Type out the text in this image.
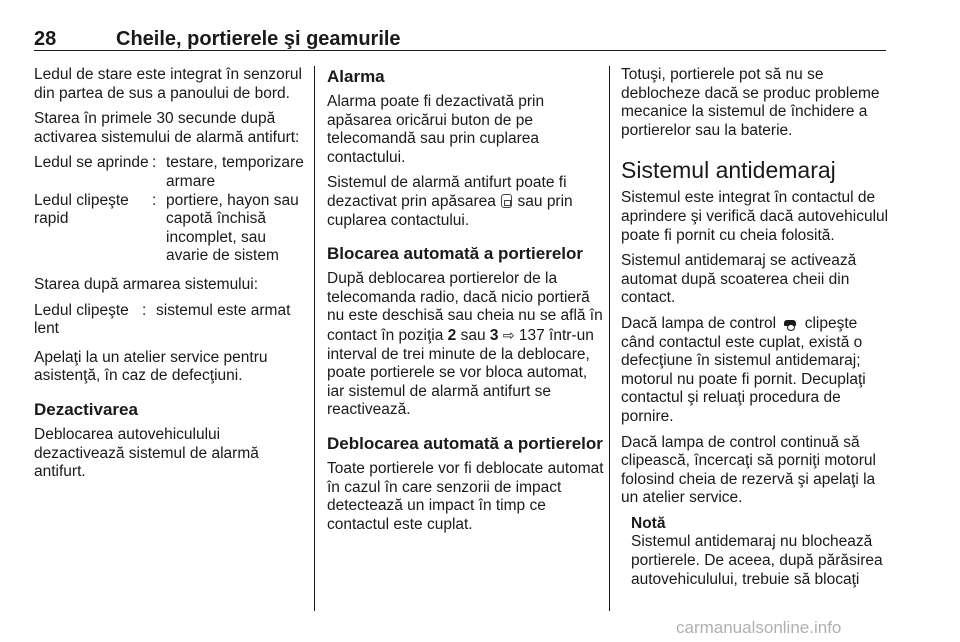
28	Cheile, portierele şi geamurile

Ledul de stare este integrat în senzorul din partea de sus a panoului de bord.

Starea în primele 30 secunde după activarea sistemului de alarmă antifurt:

Ledul se aprinde : testare, temporizare armare
Ledul clipeşte rapid
: portiere, hayon sau capotă închisă incomplet, sau avarie de sistem

Starea după armarea sistemului:

Ledul clipeşte lent
: sistemul este armat

Apelaţi la un atelier service pentru asistenţă, în caz de defecţiuni.

Dezactivarea

Deblocarea autovehiculului dezactivează sistemul de alarmă antifurt.

Alarma

Alarma poate fi dezactivată prin apăsarea oricărui buton de pe telecomandă sau prin cuplarea contactului.

Sistemul de alarmă antifurt poate fi dezactivat prin apăsarea sau prin cuplarea contactului.

Blocarea automată a portierelor

După deblocarea portierelor de la telecomanda radio, dacă nicio portieră nu este deschisă sau cheia nu se află în contact în poziţia 2 sau 3 ⇨ 137 într-un interval de trei minute de la deblocare, poate portierele se vor bloca automat, iar sistemul de alarmă antifurt se reactivează.

Deblocarea automată a portierelor

Toate portierele vor fi deblocate automat în cazul în care senzorii de impact detectează un impact în timp ce contactul este cuplat.

Totuşi, portierele pot să nu se deblocheze dacă se produc probleme mecanice la sistemul de închidere a portierelor sau la baterie.

Sistemul antidemaraj

Sistemul este integrat în contactul de aprindere şi verifică dacă autovehiculul poate fi pornit cu cheia folosită.

Sistemul antidemaraj se activează automat după scoaterea cheii din contact.

Dacă lampa de control clipeşte când contactul este cuplat, există o defecţiune în sistemul antidemaraj; motorul nu poate fi pornit. Decuplaţi contactul şi reluaţi procedura de pornire.

Dacă lampa de control continuă să clipească, încercaţi să porniţi motorul folosind cheia de rezervă şi apelaţi la un atelier service.

Notă
Sistemul antidemaraj nu blochează portierele. De aceea, după părăsirea autovehiculului, trebuie să blocaţi
carmanualsonline.info
